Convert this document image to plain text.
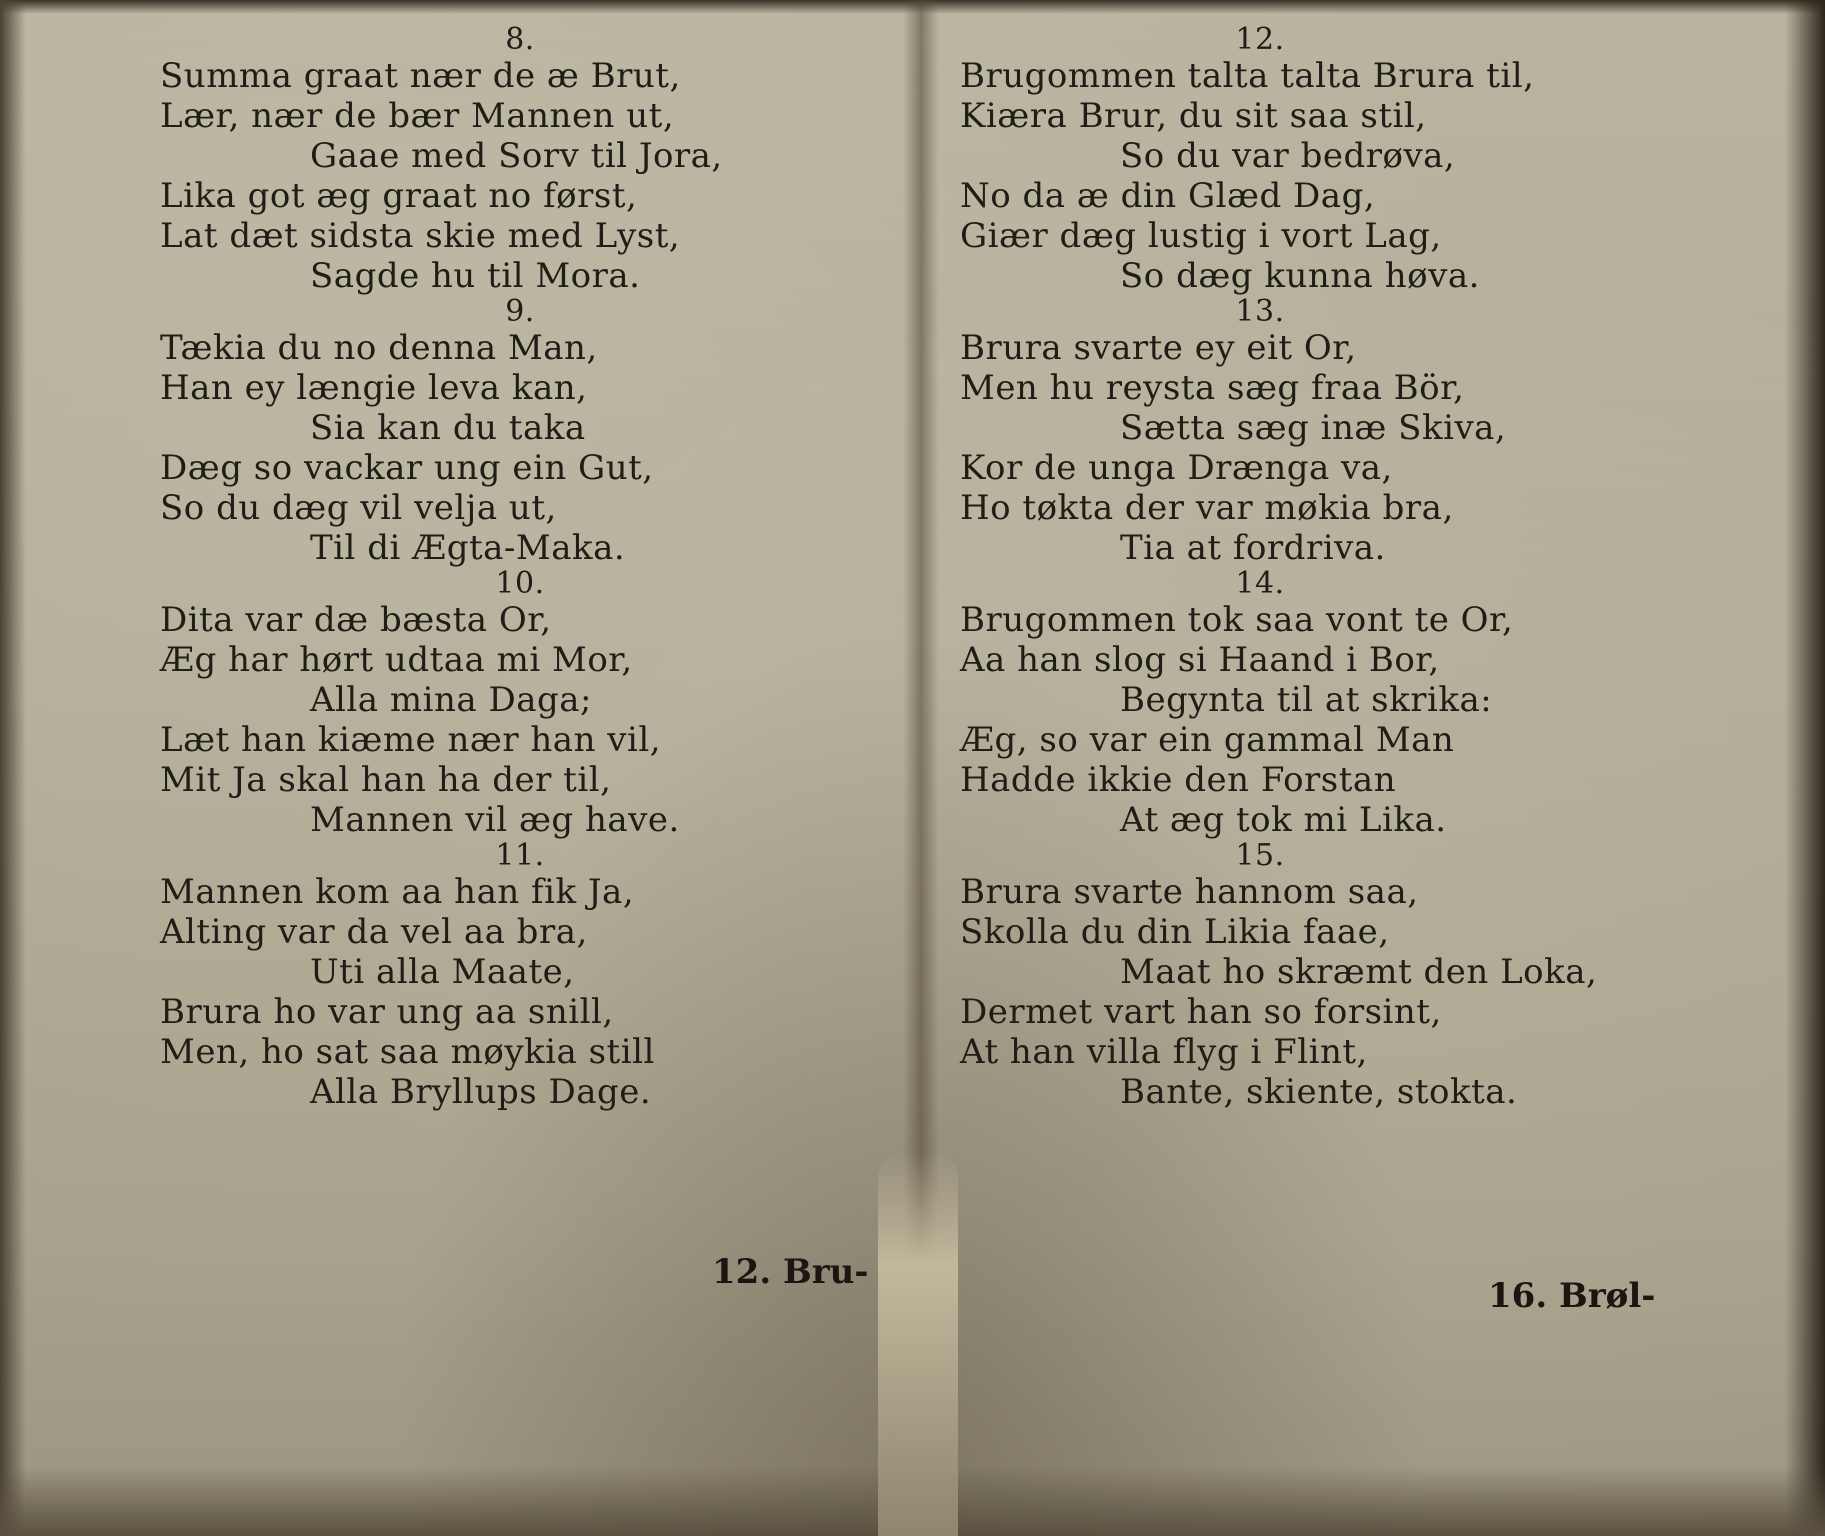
8.
Summa graat nær de æ Brut,
Lær, nær de bær Mannen ut,
Gaae med Sorv til Jora,
Lika got æg graat no først,
Lat dæt sidsta skie med Lyst,
Sagde hu til Mora.
9.
Tækia du no denna Man,
Han ey længie leva kan,
Sia kan du taka
Dæg so vackar ung ein Gut,
So du dæg vil velja ut,
Til di Ægta-Maka.
10.
Dita var dæ bæsta Or,
Æg har hørt udtaa mi Mor,
Alla mina Daga;
Læt han kiæme nær han vil,
Mit Ja skal han ha der til,
Mannen vil æg have.
11.
Mannen kom aa han fik Ja,
Alting var da vel aa bra,
Uti alla Maate,
Brura ho var ung aa snill,
Men, ho sat saa møykia still
Alla Bryllups Dage.
12. Bru-
12.
Brugommen talta talta Brura til,
Kiæra Brur, du sit saa stil,
So du var bedrøva,
No da æ din Glæd Dag,
Giær dæg lustig i vort Lag,
So dæg kunna høva.
13.
Brura svarte ey eit Or,
Men hu reysta sæg fraa Bör,
Sætta sæg inæ Skiva,
Kor de unga Drænga va,
Ho tøkta der var møkia bra,
Tia at fordriva.
14.
Brugommen tok saa vont te Or,
Aa han slog si Haand i Bor,
Begynta til at skrika:
Æg, so var ein gammal Man
Hadde ikkie den Forstan
At æg tok mi Lika.
15.
Brura svarte hannom saa,
Skolla du din Likia faae,
Maat ho skræmt den Loka,
Dermet vart han so forsint,
At han villa flyg i Flint,
Bante, skiente, stokta.
16. Brøl-
